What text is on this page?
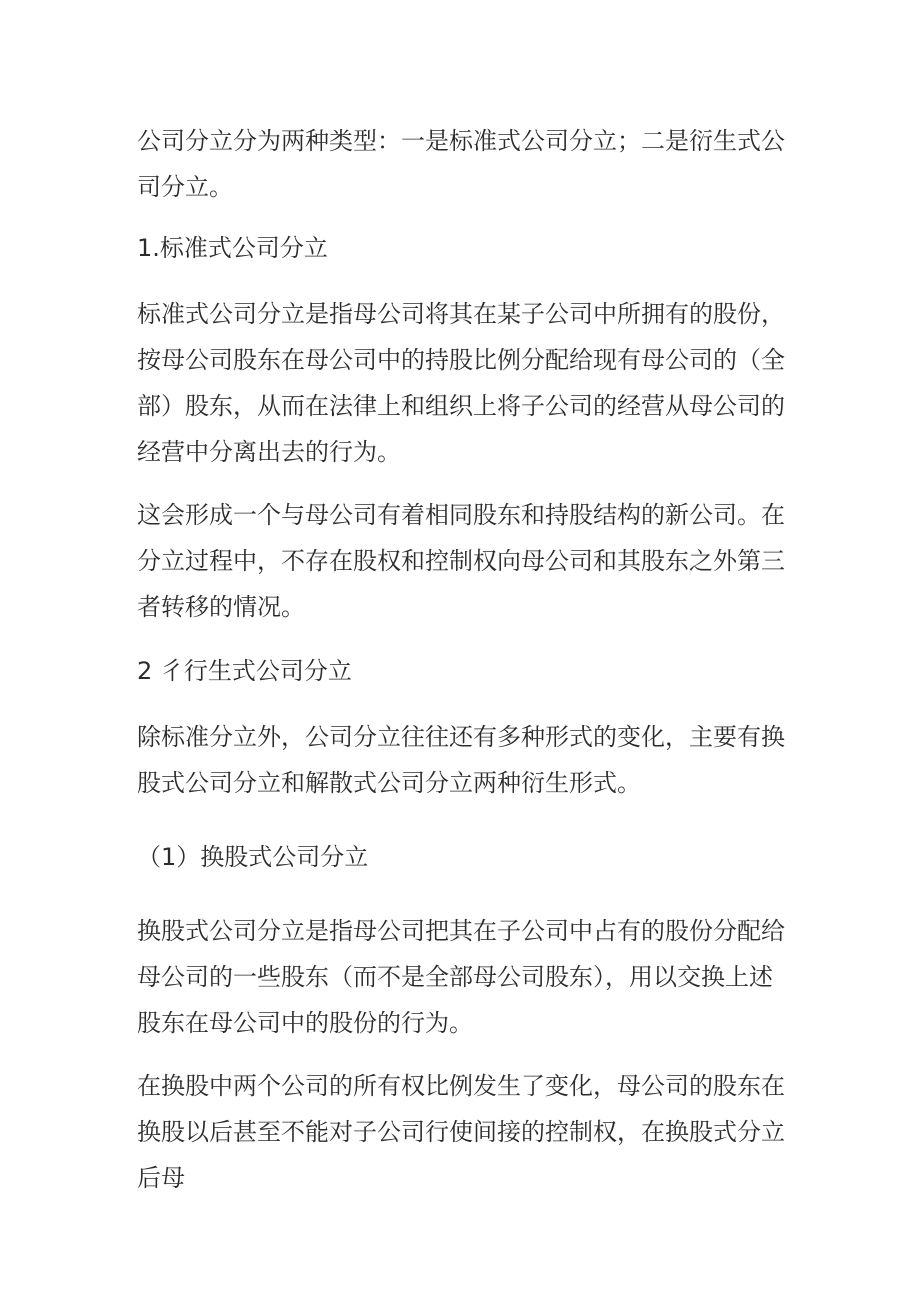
公司分立分为两种类型：一是标准式公司分立；二是衍生式公司分立。

1.标准式公司分立

标准式公司分立是指母公司将其在某子公司中所拥有的股份，按母公司股东在母公司中的持股比例分配给现有母公司的（全部）股东，从而在法律上和组织上将子公司的经营从母公司的经营中分离出去的行为。

这会形成一个与母公司有着相同股东和持股结构的新公司。在分立过程中，不存在股权和控制权向母公司和其股东之外第三者转移的情况。

2 彳行生式公司分立

除标准分立外，公司分立往往还有多种形式的变化，主要有换股式公司分立和解散式公司分立两种衍生形式。

（1）换股式公司分立

换股式公司分立是指母公司把其在子公司中占有的股份分配给母公司的一些股东（而不是全部母公司股东），用以交换上述股东在母公司中的股份的行为。

在换股中两个公司的所有权比例发生了变化，母公司的股东在换股以后甚至不能对子公司行使间接的控制权，在换股式分立后母
